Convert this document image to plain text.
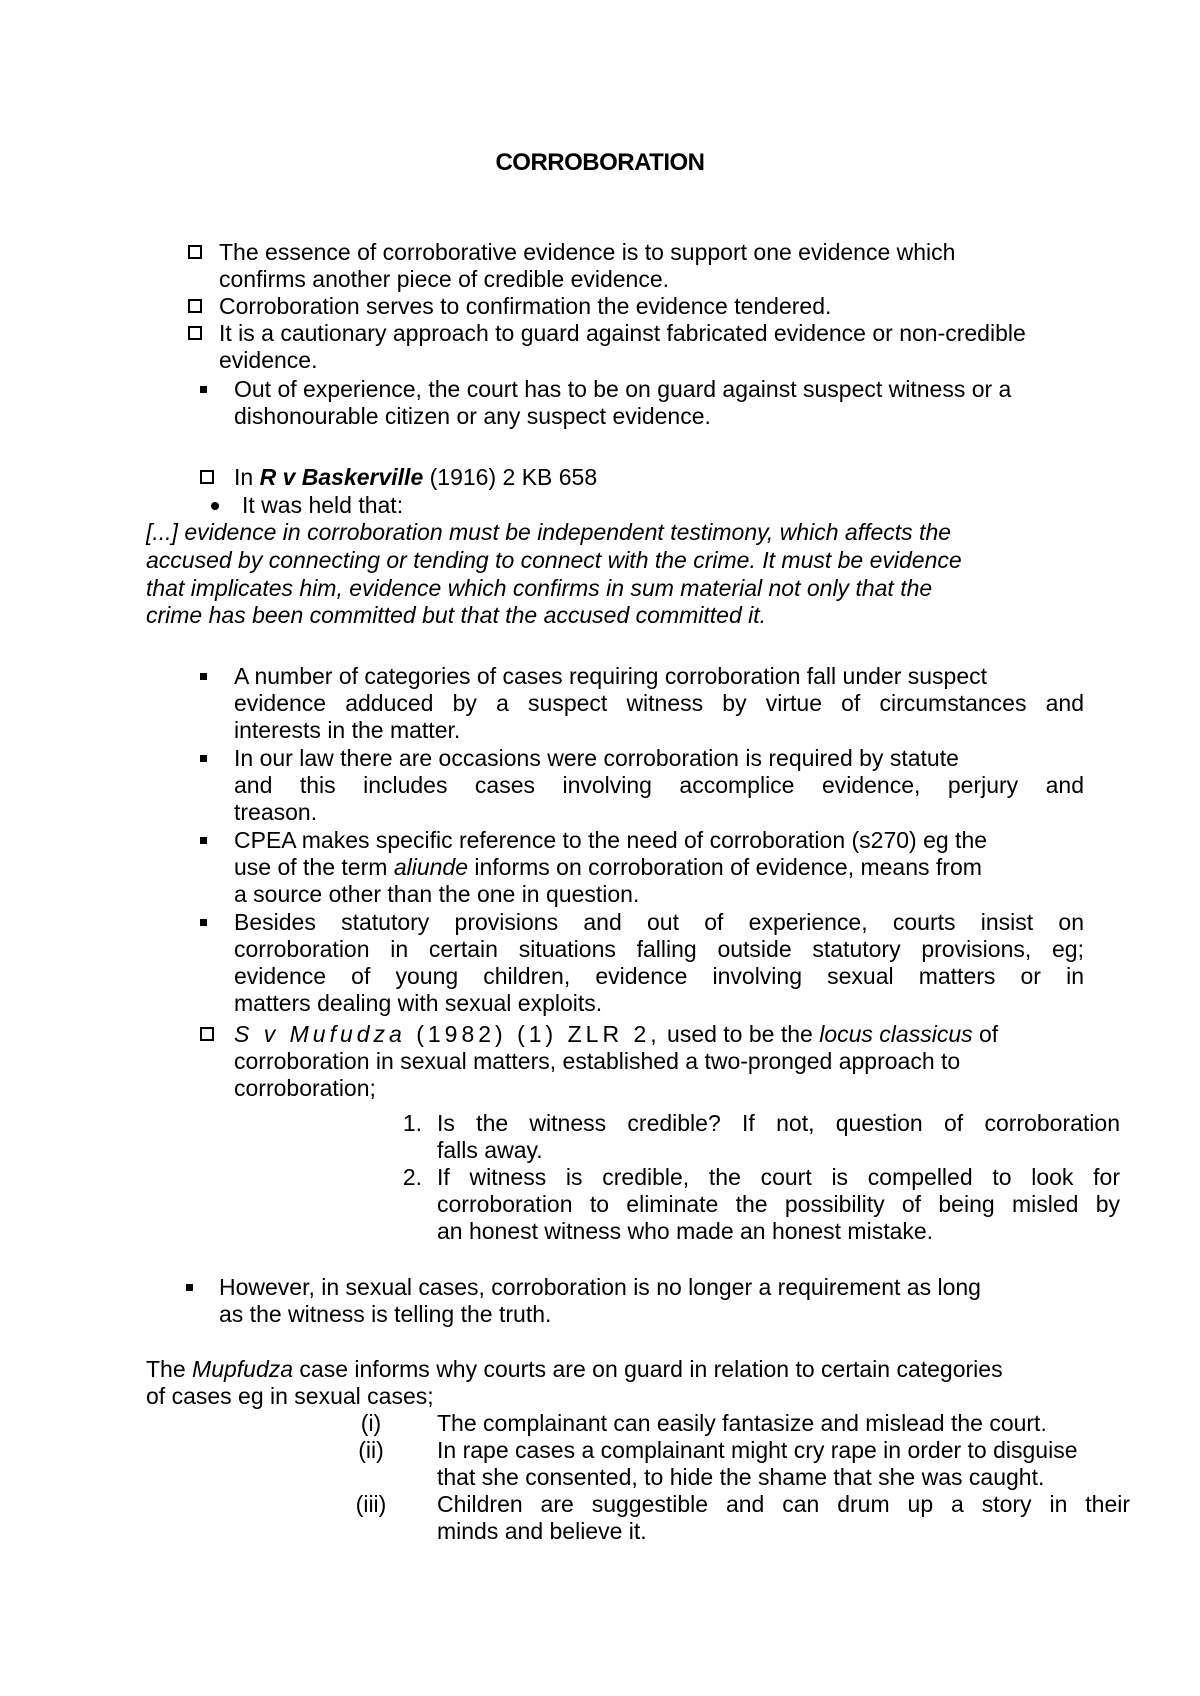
CORROBORATION
The essence of corroborative evidence is to support one evidence which
confirms another piece of credible evidence.
Corroboration serves to confirmation the evidence tendered.
It is a cautionary approach to guard against fabricated evidence or non-credible
evidence.
Out of experience, the court has to be on guard against suspect witness or a
dishonourable citizen or any suspect evidence.
In R v Baskerville (1916) 2 KB 658
It was held that:
[...] evidence in corroboration must be independent testimony, which affects the
accused by connecting or tending to connect with the crime. It must be evidence
that implicates him, evidence which confirms in sum material not only that the
crime has been committed but that the accused committed it.
A number of categories of cases requiring corroboration fall under suspect
evidence adduced by a suspect witness by virtue of circumstances and
interests in the matter.
In our law there are occasions were corroboration is required by statute
and this includes cases involving accomplice evidence, perjury and
treason.
CPEA makes specific reference to the need of corroboration (s270) eg the
use of the term aliunde informs on corroboration of evidence, means from
a source other than the one in question.
Besides statutory provisions and out of experience, courts insist on
corroboration in certain situations falling outside statutory provisions, eg;
evidence of young children, evidence involving sexual matters or in
matters dealing with sexual exploits.
S v Mufudza (1982) (1) ZLR 2, used to be the locus classicus of
corroboration in sexual matters, established a two-pronged approach to
corroboration;
1. Is the witness credible? If not, question of corroboration
falls away.
2. If witness is credible, the court is compelled to look for
corroboration to eliminate the possibility of being misled by
an honest witness who made an honest mistake.
However, in sexual cases, corroboration is no longer a requirement as long
as the witness is telling the truth.
The Mupfudza case informs why courts are on guard in relation to certain categories
of cases eg in sexual cases;
(i)	The complainant can easily fantasize and mislead the court.
(ii)	In rape cases a complainant might cry rape in order to disguise
that she consented, to hide the shame that she was caught.
(iii)	Children are suggestible and can drum up a story in their
minds and believe it.
